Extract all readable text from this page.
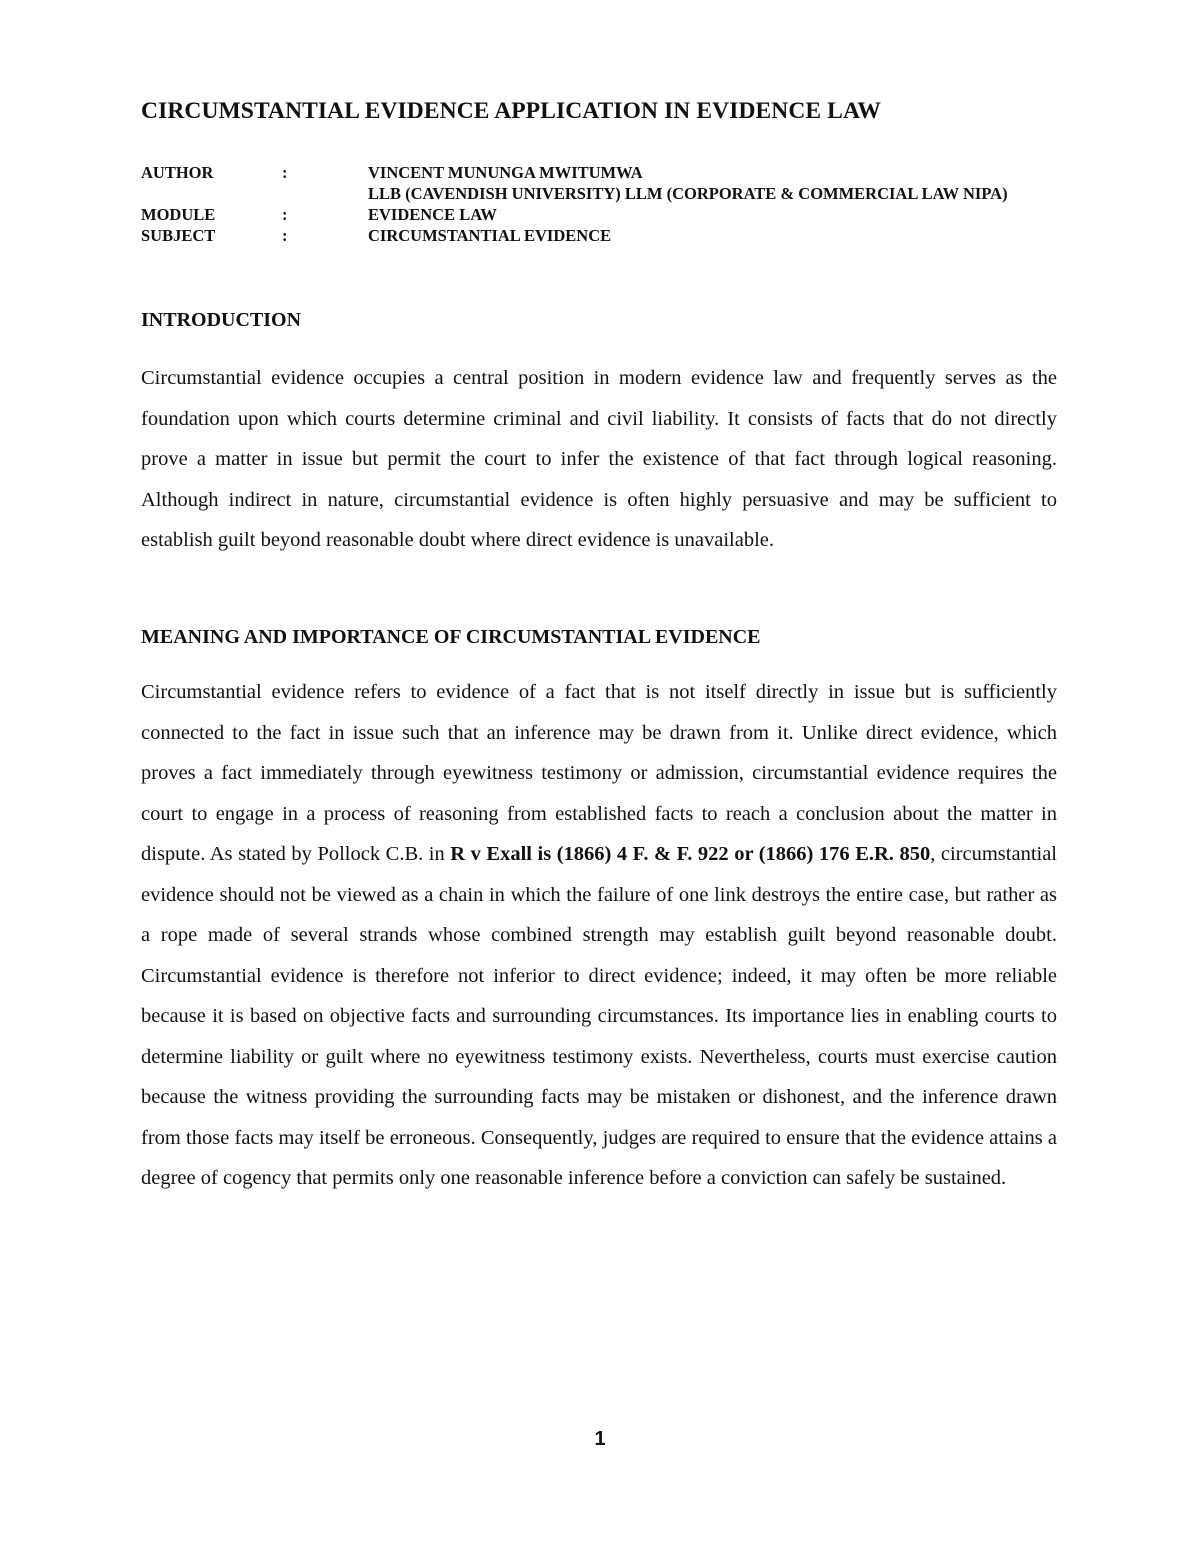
CIRCUMSTANTIAL EVIDENCE APPLICATION IN EVIDENCE LAW
AUTHOR	:	VINCENT MUNUNGA MWITUMWA
LLB (CAVENDISH UNIVERSITY) LLM (CORPORATE & COMMERCIAL LAW NIPA)
MODULE	:	EVIDENCE LAW
SUBJECT	:	CIRCUMSTANTIAL EVIDENCE
INTRODUCTION

Circumstantial evidence occupies a central position in modern evidence law and frequently serves as the foundation upon which courts determine criminal and civil liability. It consists of facts that do not directly prove a matter in issue but permit the court to infer the existence of that fact through logical reasoning. Although indirect in nature, circumstantial evidence is often highly persuasive and may be sufficient to establish guilt beyond reasonable doubt where direct evidence is unavailable.

MEANING AND IMPORTANCE OF CIRCUMSTANTIAL EVIDENCE

Circumstantial evidence refers to evidence of a fact that is not itself directly in issue but is sufficiently connected to the fact in issue such that an inference may be drawn from it. Unlike direct evidence, which proves a fact immediately through eyewitness testimony or admission, circumstantial evidence requires the court to engage in a process of reasoning from established facts to reach a conclusion about the matter in dispute. As stated by Pollock C.B. in R v Exall is (1866) 4 F. & F. 922 or (1866) 176 E.R. 850, circumstantial evidence should not be viewed as a chain in which the failure of one link destroys the entire case, but rather as a rope made of several strands whose combined strength may establish guilt beyond reasonable doubt. Circumstantial evidence is therefore not inferior to direct evidence; indeed, it may often be more reliable because it is based on objective facts and surrounding circumstances. Its importance lies in enabling courts to determine liability or guilt where no eyewitness testimony exists. Nevertheless, courts must exercise caution because the witness providing the surrounding facts may be mistaken or dishonest, and the inference drawn from those facts may itself be erroneous. Consequently, judges are required to ensure that the evidence attains a degree of cogency that permits only one reasonable inference before a conviction can safely be sustained.

1
